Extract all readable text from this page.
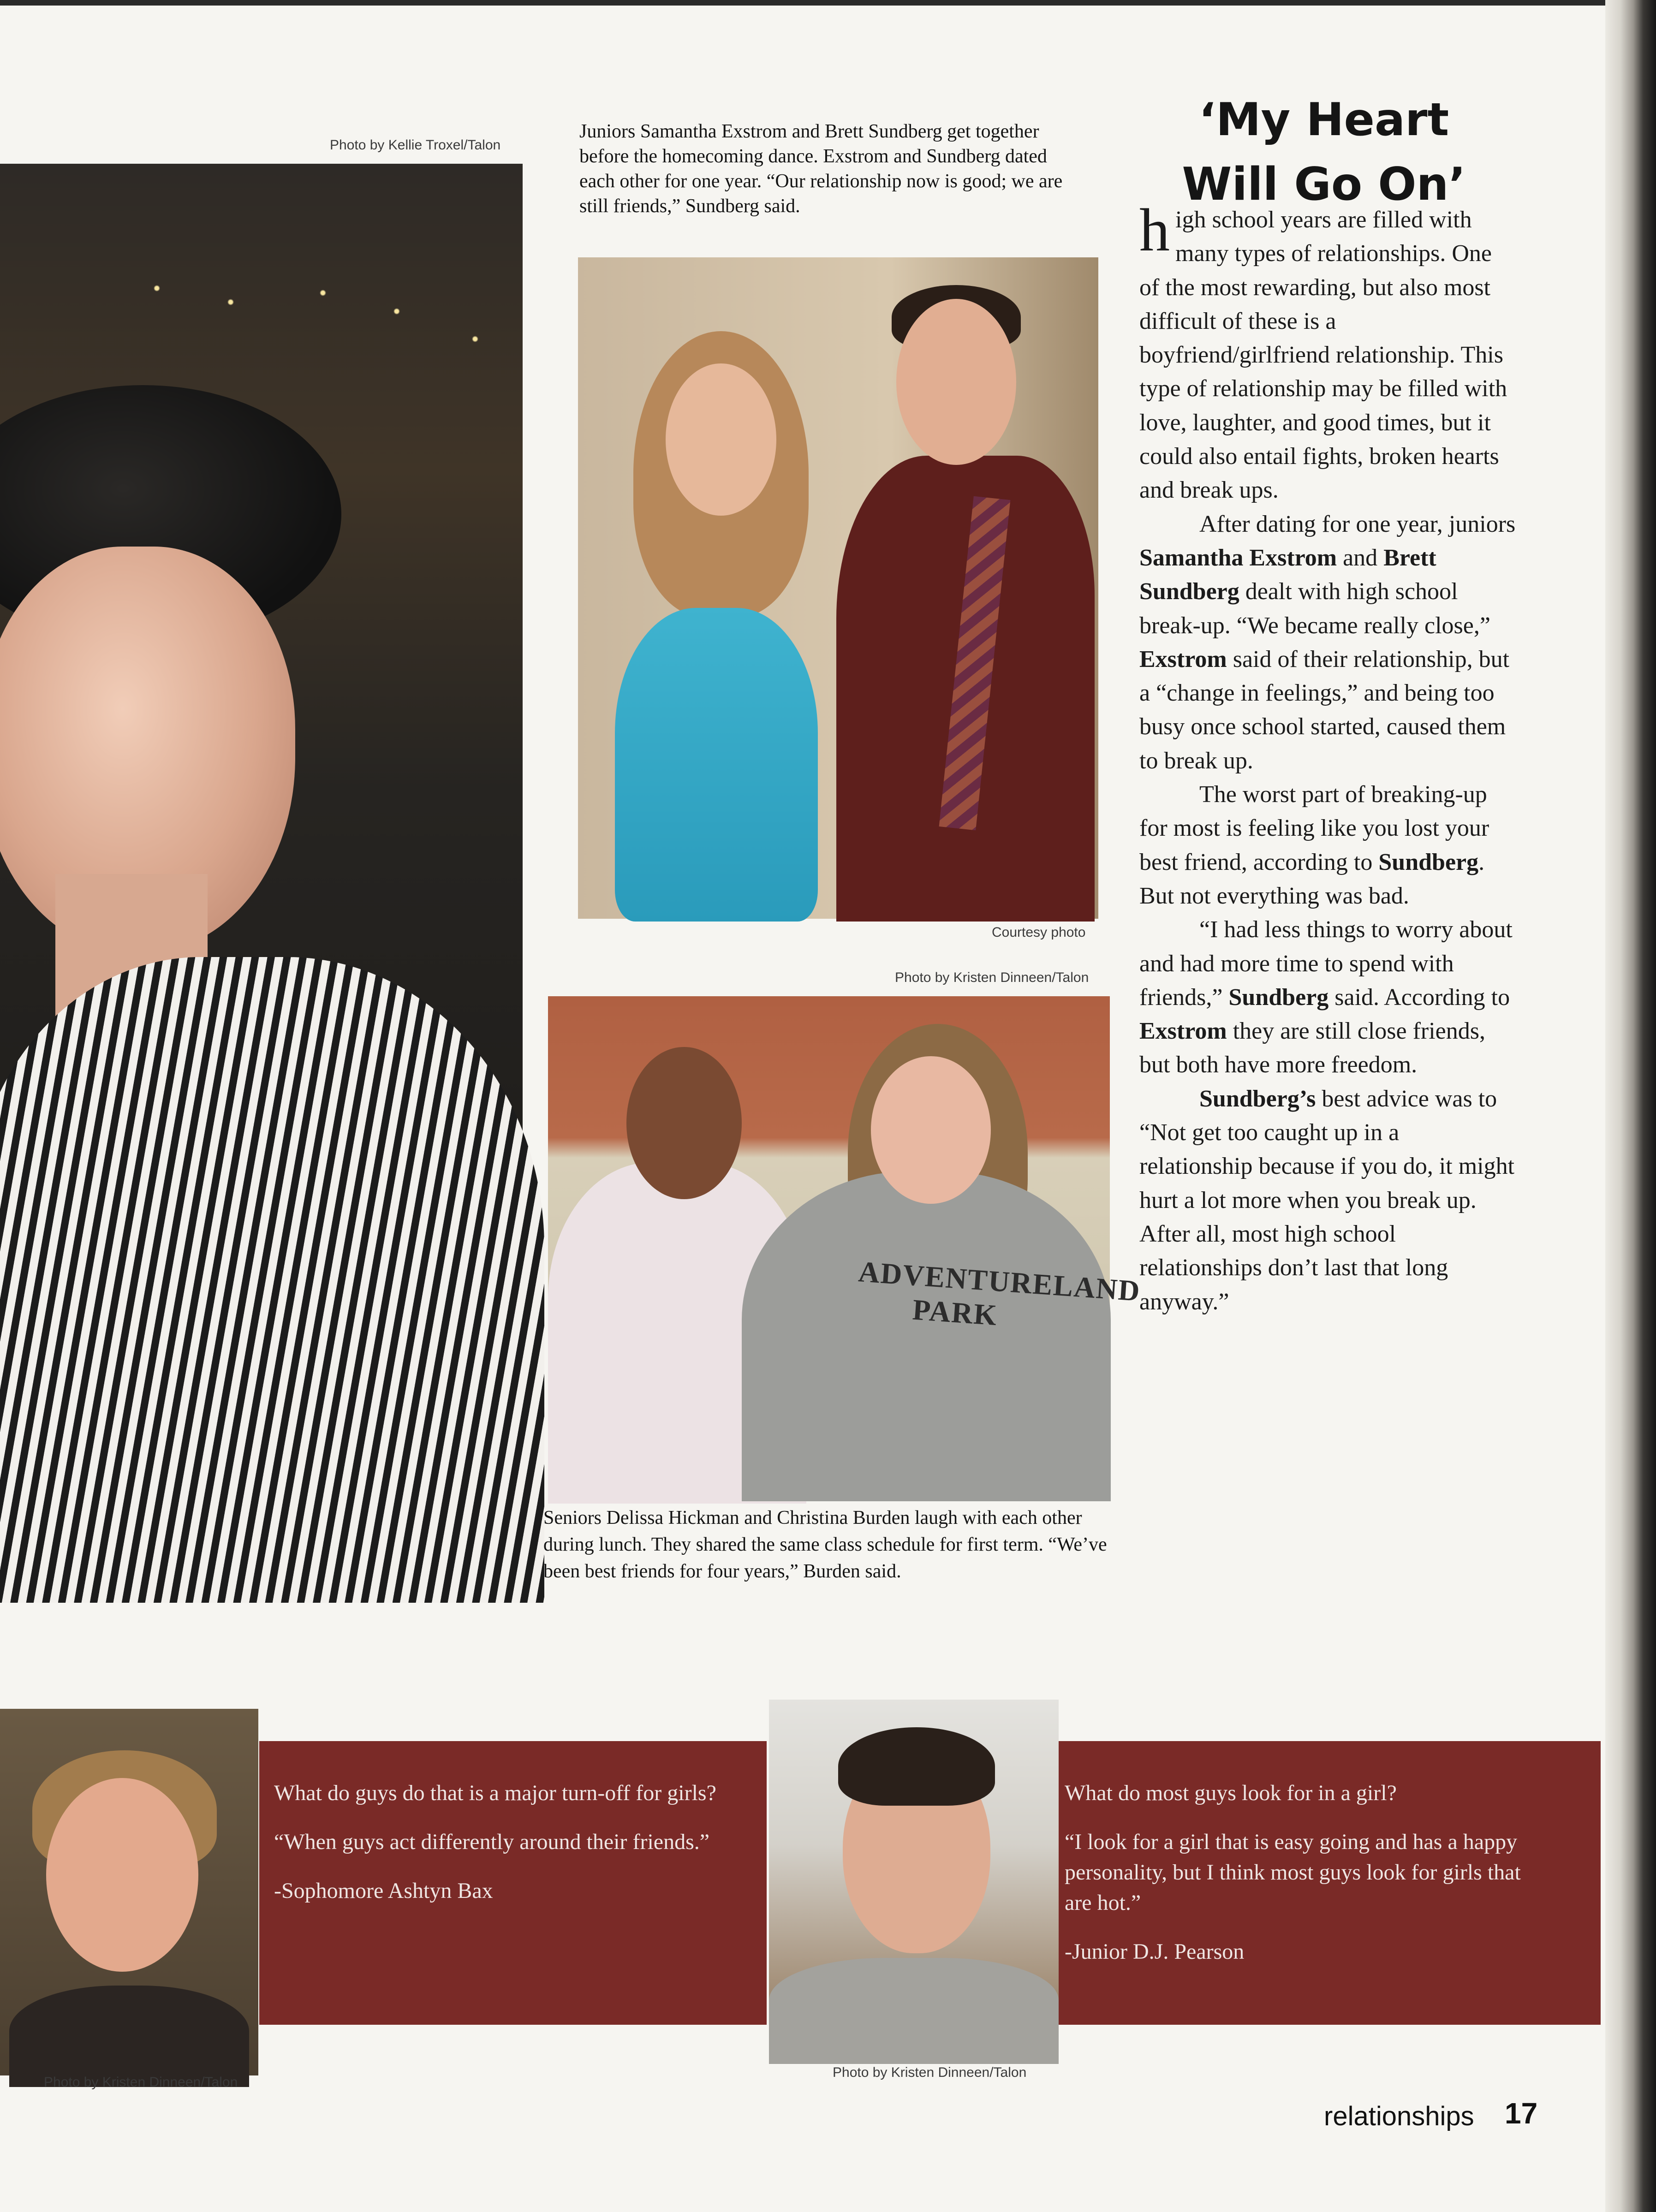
Photo by Kellie Troxel/Talon
Juniors Samantha Exstrom and Brett Sundberg get together before the homecoming dance. Exstrom and Sundberg dated each other for one year. “Our relationship now is good; we are still friends,” Sundberg said.
Courtesy photo
Photo by Kristen Dinneen/Talon
ADVENTURELAND PARK
Seniors Delissa Hickman and Christina Burden laugh with each other during lunch. They shared the same class schedule for first term. “We’ve been best friends for four years,” Burden said.
‘My Heart
Will Go On’

high school years are filled with many types of relationships. One of the most rewarding, but also most difficult of these is a boyfriend/girlfriend relationship. This type of relationship may be filled with love, laughter, and good times, but it could also entail fights, broken hearts and break ups.

After dating for one year, juniors Samantha Exstrom and Brett Sundberg dealt with high school break-up. “We became really close,” Exstrom said of their relationship, but a “change in feelings,” and being too busy once school started, caused them to break up.

The worst part of breaking-up for most is feeling like you lost your best friend, according to Sundberg. But not everything was bad.

“I had less things to worry about and had more time to spend with friends,” Sundberg said. According to Exstrom they are still close friends, but both have more freedom.

Sundberg’s best advice was to “Not get too caught up in a relationship because if you do, it might hurt a lot more when you break up. After all, most high school relationships don’t last that long anyway.”

Photo by Kristen Dinneen/Talon

What do guys do that is a major turn-off for girls?

“When guys act differently around their friends.”

-Sophomore Ashtyn Bax

What do most guys look for in a girl?

“I look for a girl that is easy going and has a happy personality, but I think most guys look for girls that are hot.”

-Junior D.J. Pearson

Photo by Kristen Dinneen/Talon
relationships 17
